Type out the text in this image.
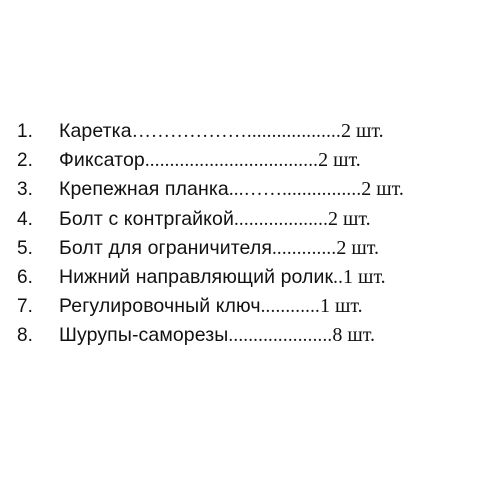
1.	Каретка ………………................... 2 шт.
2.	Фиксатор ................................... 2 шт.
3.	Крепежная планка ...……................ 2 шт.
4.	Болт с контргайкой ................... 2 шт.
5.	Болт для ограничителя ............. 2 шт.
6.	Нижний направляющий ролик .. 1 шт.
7.	Регулировочный ключ ............ 1 шт.
8.	Шурупы-саморезы ..................... 8 шт.
